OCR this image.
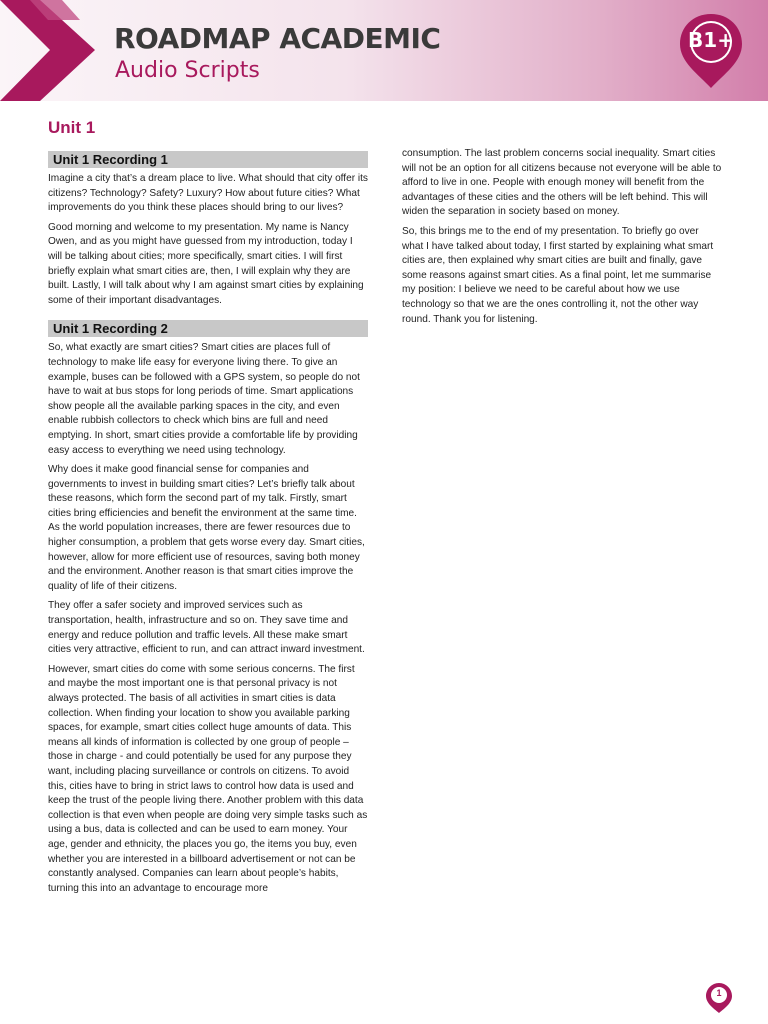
ROADMAP ACADEMIC
Audio Scripts
B1+
Unit 1
Unit 1 Recording 1

Imagine a city that’s a dream place to live. What should that city offer its citizens? Technology? Safety? Luxury? How about future cities? What improvements do you think these places should bring to our lives?

Good morning and welcome to my presentation. My name is Nancy Owen, and as you might have guessed from my introduction, today I will be talking about cities; more specifically, smart cities. I will first briefly explain what smart cities are, then, I will explain why they are built. Lastly, I will talk about why I am against smart cities by explaining some of their important disadvantages.

Unit 1 Recording 2

So, what exactly are smart cities? Smart cities are places full of technology to make life easy for everyone living there. To give an example, buses can be followed with a GPS system, so people do not have to wait at bus stops for long periods of time. Smart applications show people all the available parking spaces in the city, and even enable rubbish collectors to check which bins are full and need emptying. In short, smart cities provide a comfortable life by providing easy access to everything we need using technology.

Why does it make good financial sense for companies and governments to invest in building smart cities? Let’s briefly talk about these reasons, which form the second part of my talk. Firstly, smart cities bring efficiencies and benefit the environment at the same time. As the world population increases, there are fewer resources due to higher consumption, a problem that gets worse every day. Smart cities, however, allow for more efficient use of resources, saving both money and the environment. Another reason is that smart cities improve the quality of life of their citizens.

They offer a safer society and improved services such as transportation, health, infrastructure and so on. They save time and energy and reduce pollution and traffic levels. All these make smart cities very attractive, efficient to run, and can attract inward investment.

However, smart cities do come with some serious concerns. The first and maybe the most important one is that personal privacy is not always protected. The basis of all activities in smart cities is data collection. When finding your location to show you available parking spaces, for example, smart cities collect huge amounts of data. This means all kinds of information is collected by one group of people – those in charge - and could potentially be used for any purpose they want, including placing surveillance or controls on citizens. To avoid this, cities have to bring in strict laws to control how data is used and keep the trust of the people living there. Another problem with this data collection is that even when people are doing very simple tasks such as using a bus, data is collected and can be used to earn money. Your age, gender and ethnicity, the places you go, the items you buy, even whether you are interested in a billboard advertisement or not can be constantly analysed. Companies can learn about people’s habits, turning this into an advantage to encourage more

consumption. The last problem concerns social inequality. Smart cities will not be an option for all citizens because not everyone will be able to afford to live in one. People with enough money will benefit from the advantages of these cities and the others will be left behind. This will widen the separation in society based on money.

So, this brings me to the end of my presentation. To briefly go over what I have talked about today, I first started by explaining what smart cities are, then explained why smart cities are built and finally, gave some reasons against smart cities. As a final point, let me summarise my position: I believe we need to be careful about how we use technology so that we are the ones controlling it, not the other way round. Thank you for listening.

1
